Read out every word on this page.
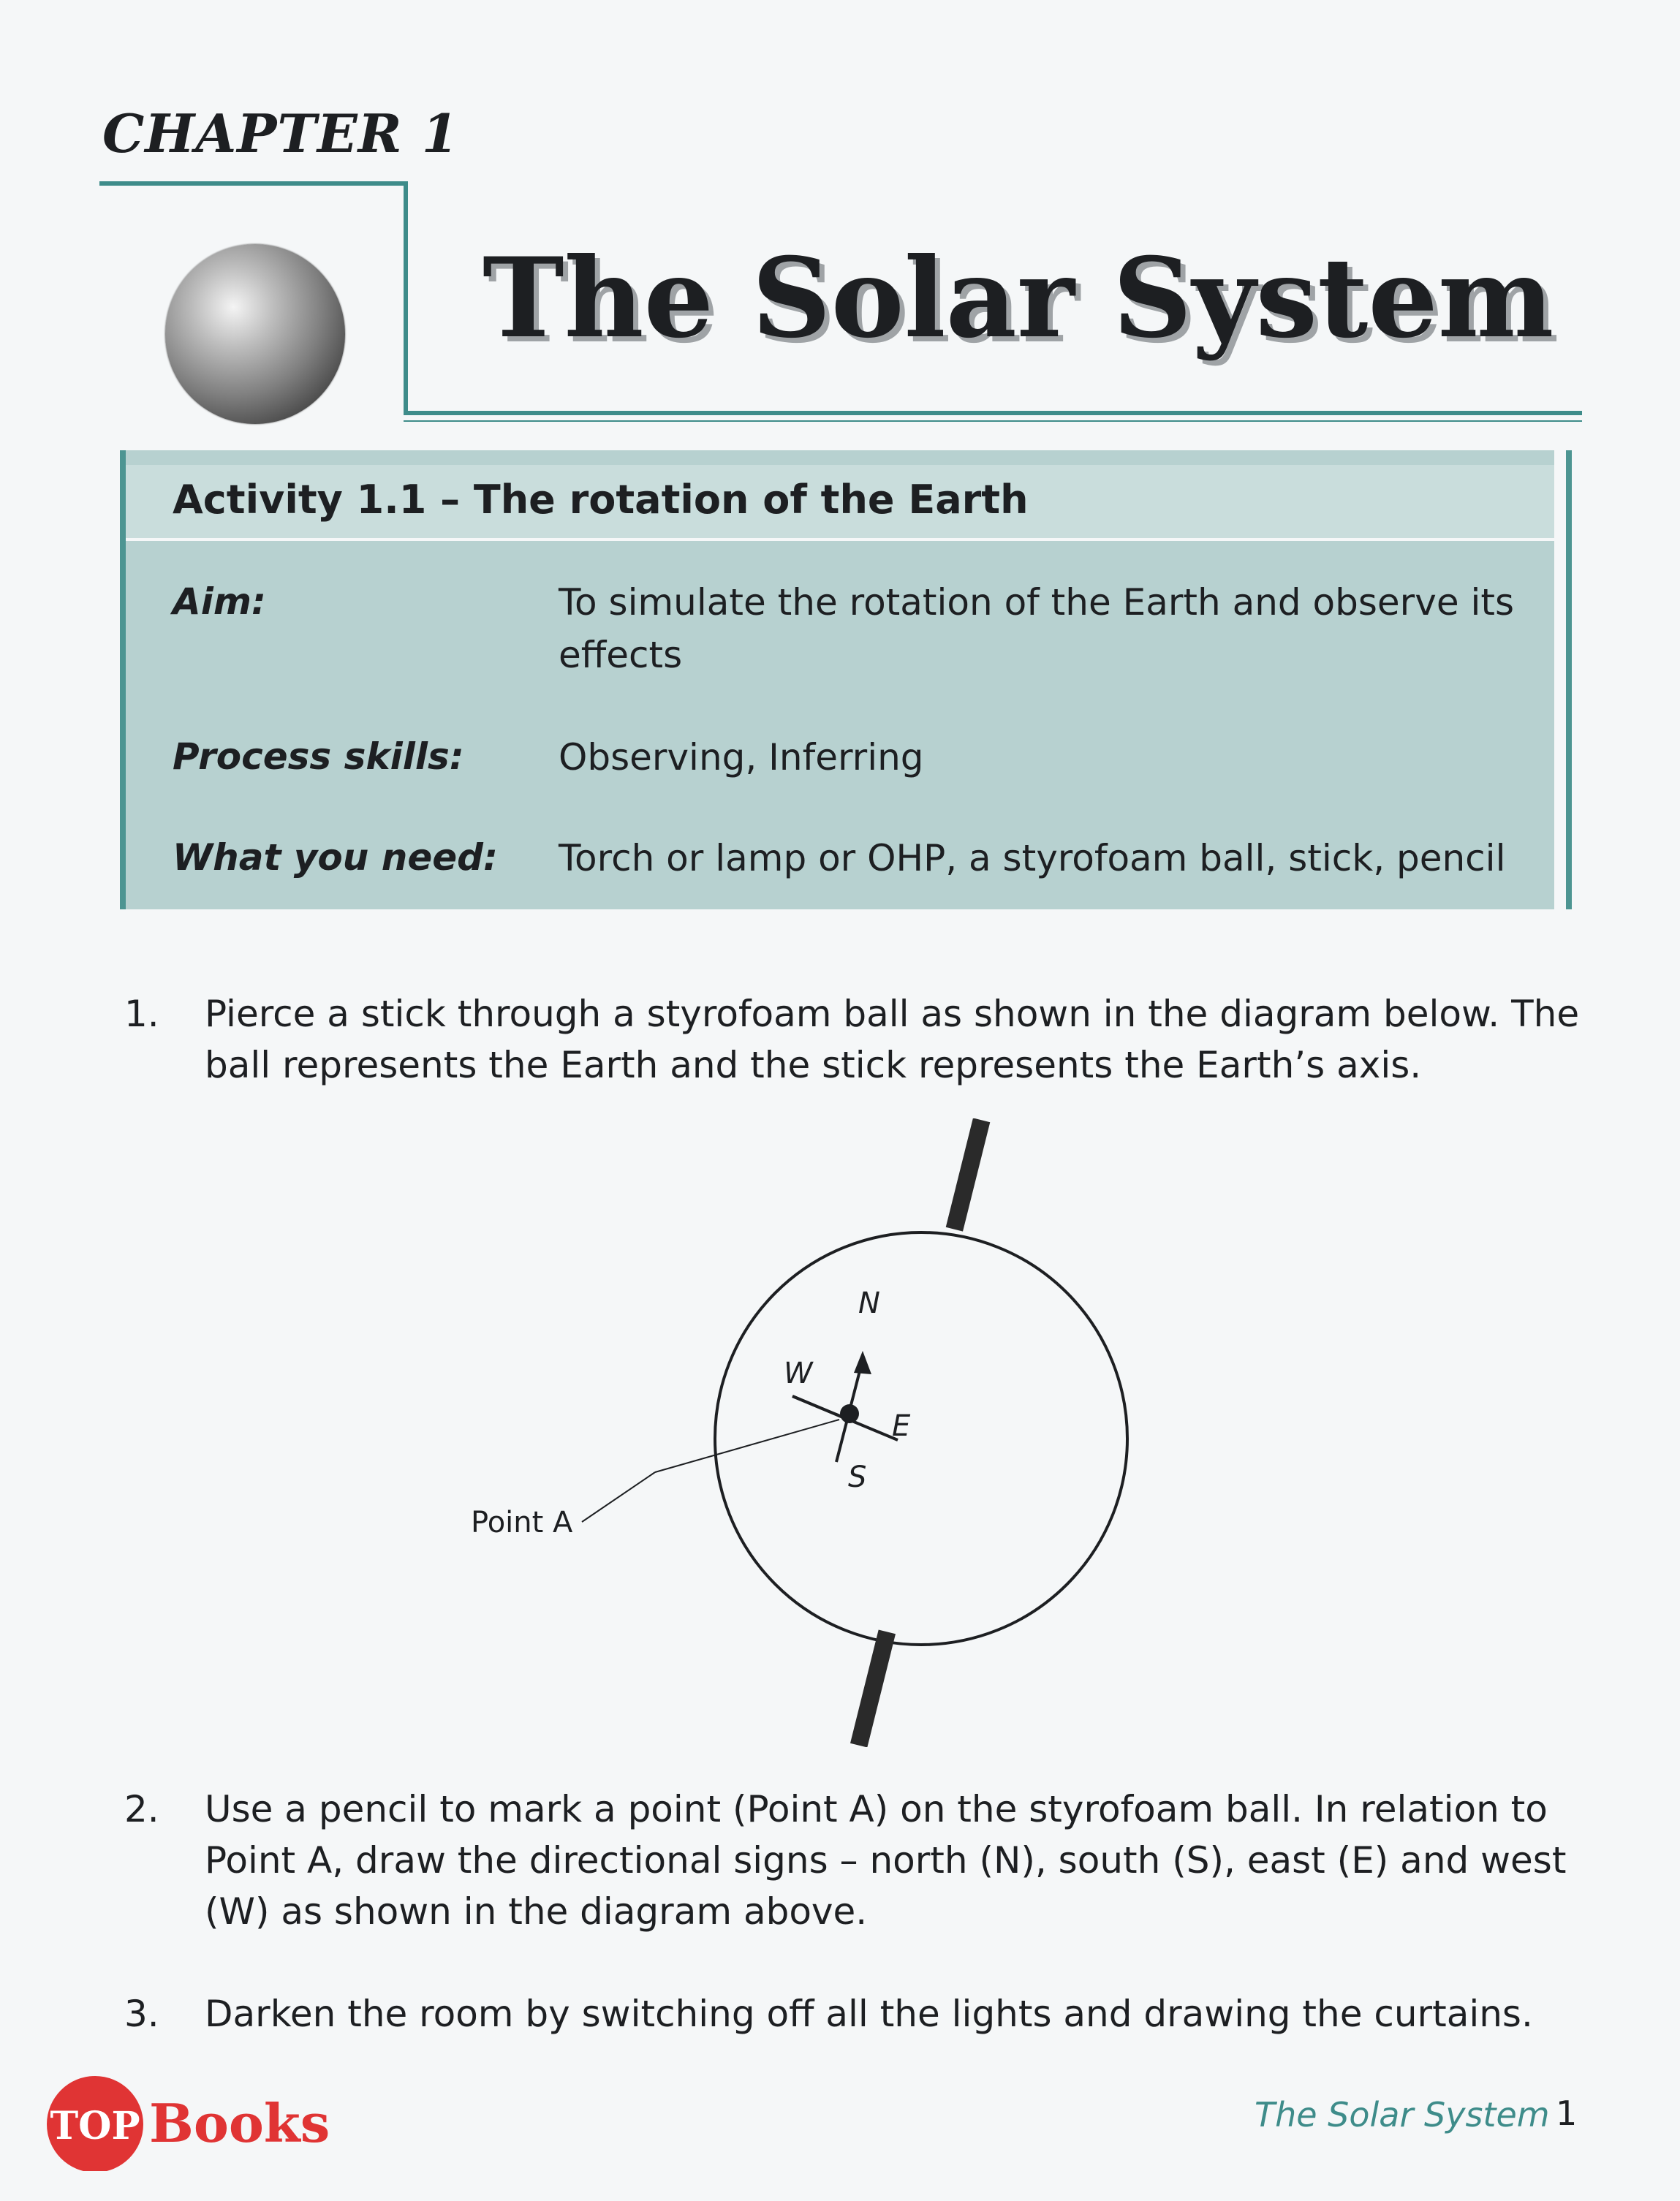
CHAPTER 1
The Solar System
Activity 1.1 – The rotation of the Earth
Aim:	To simulate the rotation of the Earth and observe its effects
Process skills:	Observing, Inferring
What you need: Torch or lamp or OHP, a styrofoam ball, stick, pencil
1. Pierce a stick through a styrofoam ball as shown in the diagram below. The ball represents the Earth and the stick represents the Earth’s axis.
N
W
S
E
Point A
2. Use a pencil to mark a point (Point A) on the styrofoam ball. In relation to Point A, draw the directional signs – north (N), south (S), east (E) and west (W) as shown in the diagram above.
3. Darken the room by switching off all the lights and drawing the curtains.
TOP Books	The Solar System 1
